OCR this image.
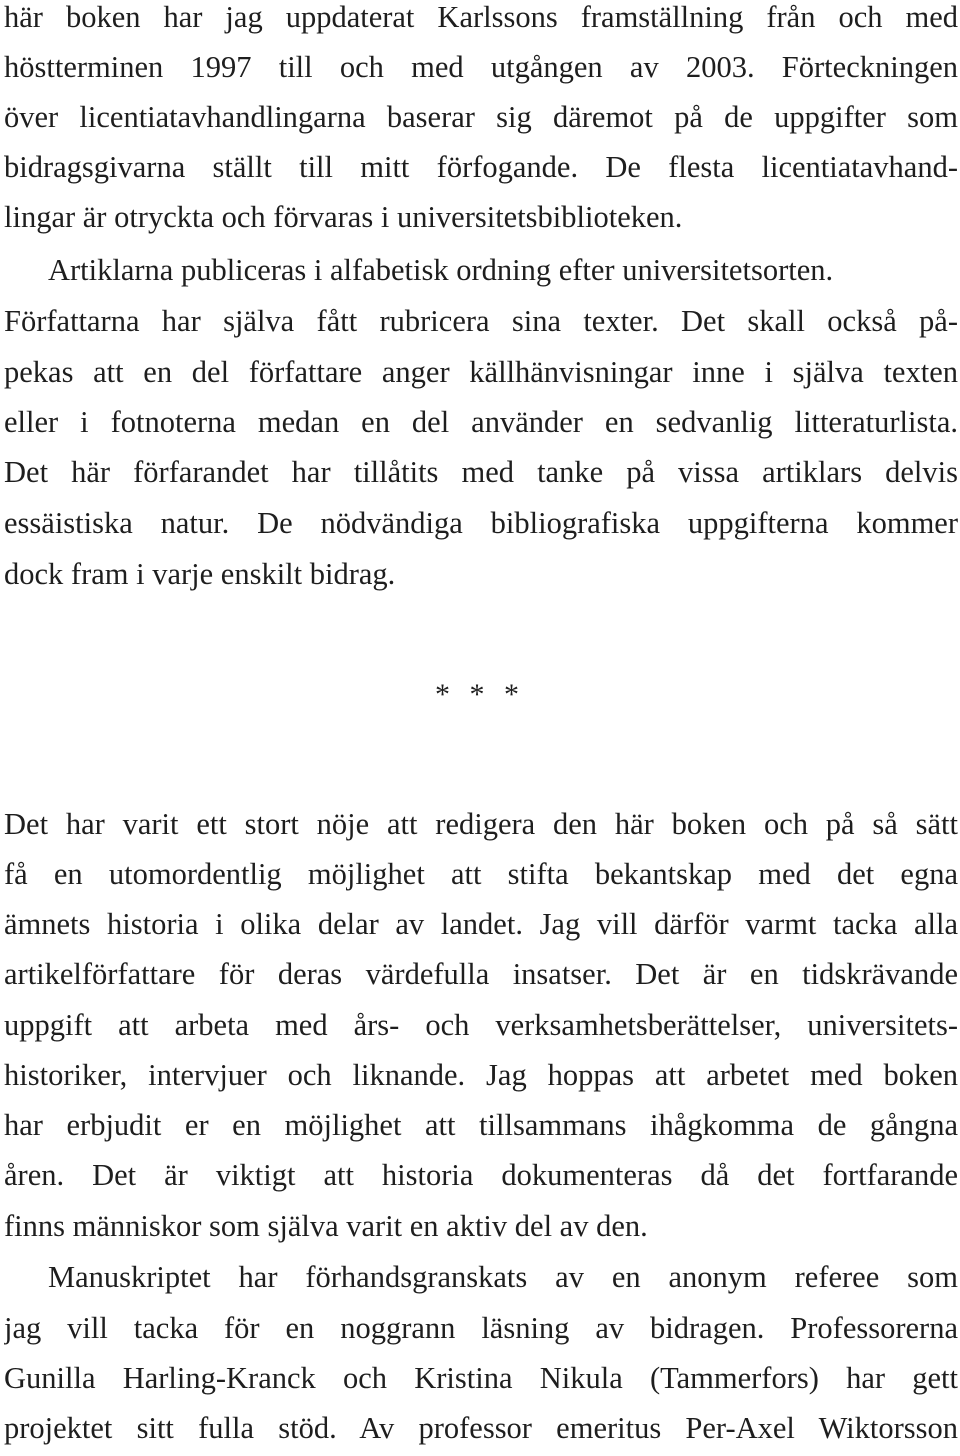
här boken har jag uppdaterat Karlssons framställning från och med
höstterminen 1997 till och med utgången av 2003. Förteckningen
över licentiatavhandlingarna baserar sig däremot på de uppgifter som
bidragsgivarna ställt till mitt förfogande. De flesta licentiatavhand-
lingar är otryckta och förvaras i universitetsbiblioteken.
Artiklarna publiceras i alfabetisk ordning efter universitetsorten.
Författarna har själva fått rubricera sina texter. Det skall också på-
pekas att en del författare anger källhänvisningar inne i själva texten
eller i fotnoterna medan en del använder en sedvanlig litteraturlista.
Det här förfarandet har tillåtits med tanke på vissa artiklars delvis
essäistiska natur. De nödvändiga bibliografiska uppgifterna kommer
dock fram i varje enskilt bidrag.
* * *
Det har varit ett stort nöje att redigera den här boken och på så sätt
få en utomordentlig möjlighet att stifta bekantskap med det egna
ämnets historia i olika delar av landet. Jag vill därför varmt tacka alla
artikelförfattare för deras värdefulla insatser. Det är en tidskrävande
uppgift att arbeta med års- och verksamhetsberättelser, universitets-
historiker, intervjuer och liknande. Jag hoppas att arbetet med boken
har erbjudit er en möjlighet att tillsammans ihågkomma de gångna
åren. Det är viktigt att historia dokumenteras då det fortfarande
finns människor som själva varit en aktiv del av den.
Manuskriptet har förhandsgranskats av en anonym referee som
jag vill tacka för en noggrann läsning av bidragen. Professorerna
Gunilla Harling-Kranck och Kristina Nikula (Tammerfors) har gett
projektet sitt fulla stöd. Av professor emeritus Per-Axel Wiktorsson
